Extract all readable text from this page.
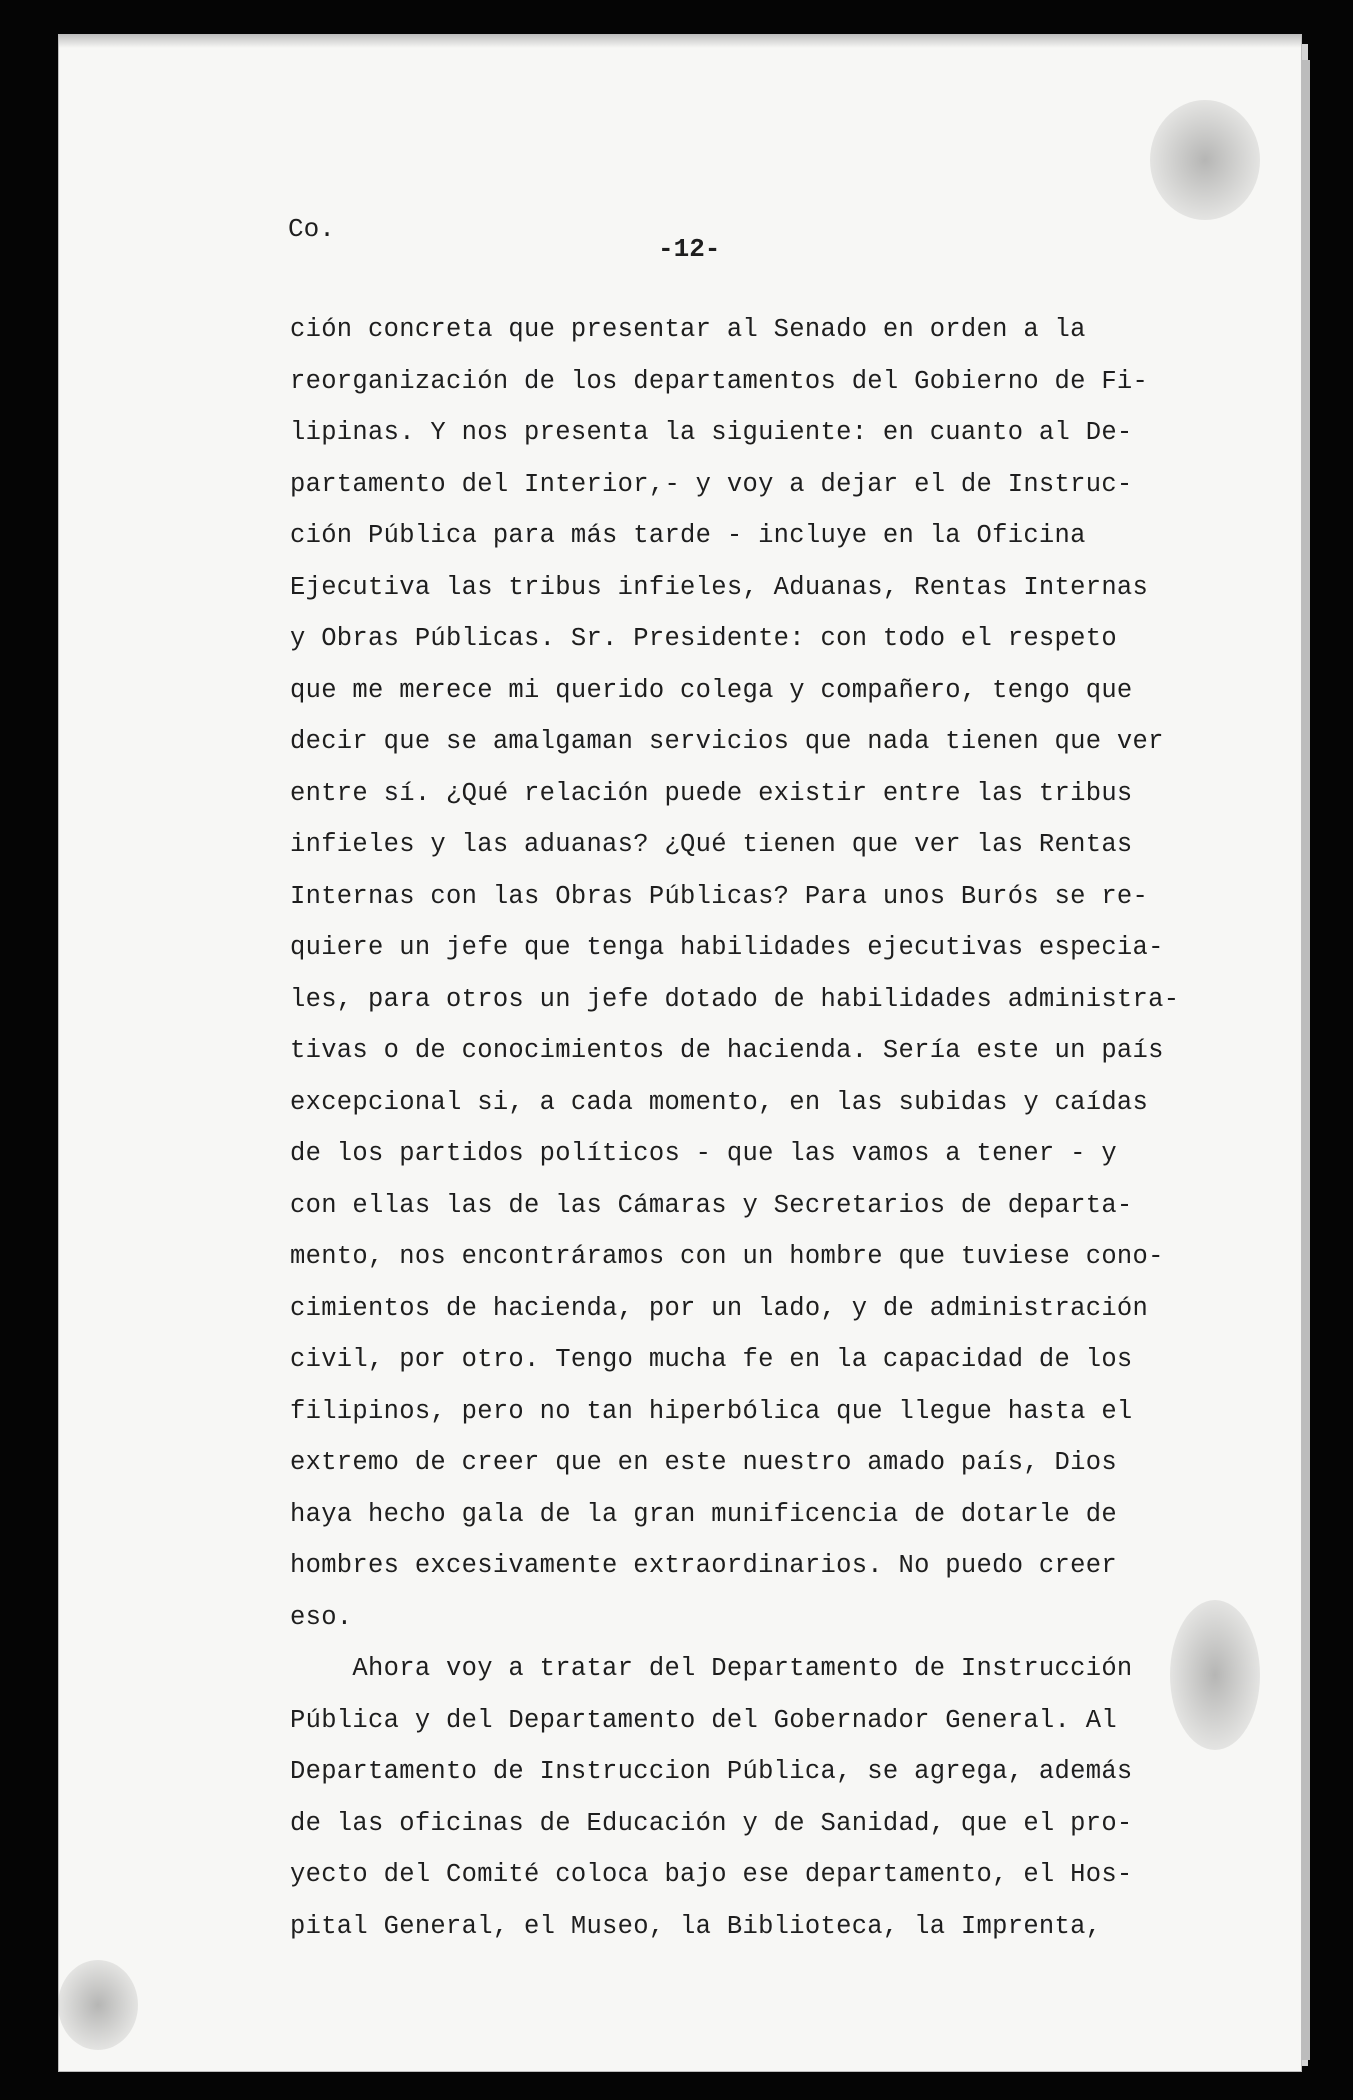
Co.
-12-
ción concreta que presentar al Senado en orden a la
reorganización de los departamentos del Gobierno de Fi-
lipinas. Y nos presenta la siguiente: en cuanto al De-
partamento del Interior,- y voy a dejar el de Instruc-
ción Pública para más tarde - incluye en la Oficina
Ejecutiva las tribus infieles, Aduanas, Rentas Internas
y Obras Públicas. Sr. Presidente: con todo el respeto
que me merece mi querido colega y compañero, tengo que
decir que se amalgaman servicios que nada tienen que ver
entre sí. ¿Qué relación puede existir entre las tribus
infieles y las aduanas? ¿Qué tienen que ver las Rentas
Internas con las Obras Públicas? Para unos Burós se re-
quiere un jefe que tenga habilidades ejecutivas especia-
les, para otros un jefe dotado de habilidades administra-
tivas o de conocimientos de hacienda. Sería este un país
excepcional si, a cada momento, en las subidas y caídas
de los partidos políticos - que las vamos a tener - y
con ellas las de las Cámaras y Secretarios de departa-
mento, nos encontráramos con un hombre que tuviese cono-
cimientos de hacienda, por un lado, y de administración
civil, por otro. Tengo mucha fe en la capacidad de los
filipinos, pero no tan hiperbólica que llegue hasta el
extremo de creer que en este nuestro amado país, Dios
haya hecho gala de la gran munificencia de dotarle de
hombres excesivamente extraordinarios. No puedo creer
eso.
Ahora voy a tratar del Departamento de Instrucción
Pública y del Departamento del Gobernador General. Al
Departamento de Instruccion Pública, se agrega, además
de las oficinas de Educación y de Sanidad, que el pro-
yecto del Comité coloca bajo ese departamento, el Hos-
pital General, el Museo, la Biblioteca, la Imprenta,
